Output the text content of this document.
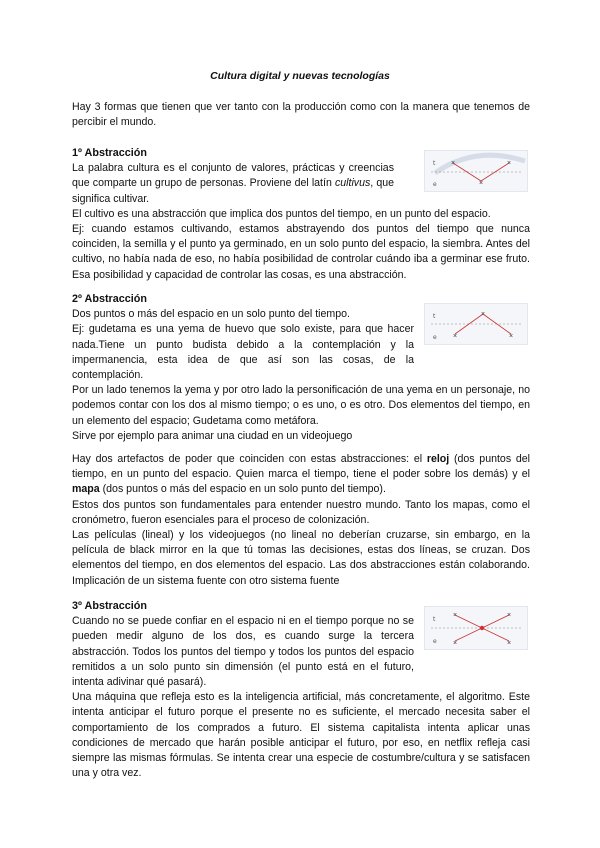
Cultura digital y nuevas tecnologías

Hay 3 formas que tienen que ver tanto con la producción como con la manera que tenemos de percibir el mundo.

1º Abstracción

La palabra cultura es el conjunto de valores, prácticas y creencias que comparte un grupo de personas. Proviene del latín cultivus, que significa cultivar.

El cultivo es una abstracción que implica dos puntos del tiempo, en un punto del espacio.

Ej: cuando estamos cultivando, estamos abstrayendo dos puntos del tiempo que nunca coinciden, la semilla y el punto ya germinado, en un solo punto del espacio, la siembra. Antes del cultivo, no había nada de eso, no había posibilidad de controlar cuándo iba a germinar ese fruto. Esa posibilidad y capacidad de controlar las cosas, es una abstracción.

t
e
×	×
×
2º Abstracción

Dos puntos o más del espacio en un solo punto del tiempo.

Ej: gudetama es una yema de huevo que solo existe, para que hacer nada.Tiene un punto budista debido a la contemplación y la impermanencia, esta idea de que así son las cosas, de la contemplación.

Por un lado tenemos la yema y por otro lado la personificación de una yema en un personaje, no podemos contar con los dos al mismo tiempo; o es uno, o es otro. Dos elementos del tiempo, en un elemento del espacio; Gudetama como metáfora.

Sirve por ejemplo para animar una ciudad en un videojuego

t
e
×
×	×

Hay dos artefactos de poder que coinciden con estas abstracciones: el reloj (dos puntos del tiempo, en un punto del espacio. Quien marca el tiempo, tiene el poder sobre los demás) y el mapa (dos puntos o más del espacio en un solo punto del tiempo).

Estos dos puntos son fundamentales para entender nuestro mundo. Tanto los mapas, como el cronómetro, fueron esenciales para el proceso de colonización.

Las películas (lineal) y los videojuegos (no lineal no deberían cruzarse, sin embargo, en la película de black mirror en la que tú tomas las decisiones, estas dos líneas, se cruzan. Dos elementos del tiempo, en dos elementos del espacio. Las dos abstracciones están colaborando. Implicación de un sistema fuente con otro sistema fuente

3º Abstracción

Cuando no se puede confiar en el espacio ni en el tiempo porque no se pueden medir alguno de los dos, es cuando surge la tercera abstracción. Todos los puntos del tiempo y todos los puntos del espacio remitidos a un solo punto sin dimensión (el punto está en el futuro, intenta adivinar qué pasará).

Una máquina que refleja esto es la inteligencia artificial, más concretamente, el algoritmo. Este intenta anticipar el futuro porque el presente no es suficiente, el mercado necesita saber el comportamiento de los comprados a futuro. El sistema capitalista intenta aplicar unas condiciones de mercado que harán posible anticipar el futuro, por eso, en netflix refleja casi siempre las mismas fórmulas. Se intenta crear una especie de costumbre/cultura y se satisfacen una y otra vez.

t
e
×	×
×	×
